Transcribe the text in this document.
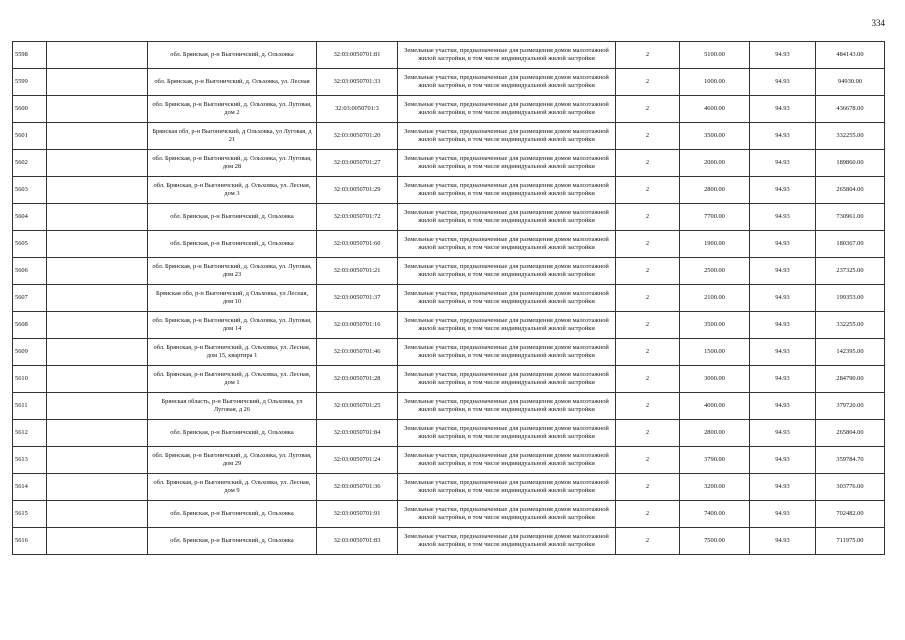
334
5598		обл. Брянская, р-н Выгоничский, д. Ольховка	32:03:0050701:81	Земельные участки, предназначенные для размещения домов малоэтажной жилой застройки, в том числе индивидуальной жилой застройки	2	5100.00	94.93	484143.00
5599		обл. Брянская, р-н Выгоничский, д. Ольховка, ул. Лесная	32:03:0050701:33	Земельные участки, предназначенные для размещения домов малоэтажной жилой застройки, в том числе индивидуальной жилой застройки	2	1000.00	94.93	94930.00
5600		обл. Брянская, р-н Выгоничский, д. Ольховка, ул. Луговая, дом 2	32:03:0050701:3	Земельные участки, предназначенные для размещения домов малоэтажной жилой застройки, в том числе индивидуальной жилой застройки	2	4600.00	94.93	436678.00
5601		Брянская обл, р-н Выгоничский, д Ольховка, ул Луговая, д 21	32:03:0050701:20	Земельные участки, предназначенные для размещения домов малоэтажной жилой застройки, в том числе индивидуальной жилой застройки	2	3500.00	94.93	332255.00
5602		обл. Брянская, р-н Выгоничский, д. Ольховка, ул. Луговая, дом 28	32:03:0050701:27	Земельные участки, предназначенные для размещения домов малоэтажной жилой застройки, в том числе индивидуальной жилой застройки	2	2000.00	94.93	189860.00
5603		обл. Брянская, р-н Выгоничский, д. Ольховка, ул. Лесная, дом 3	32:03:0050701:29	Земельные участки, предназначенные для размещения домов малоэтажной жилой застройки, в том числе индивидуальной жилой застройки	2	2800.00	94.93	265804.00
5604		обл. Брянская, р-н Выгоничский, д. Ольховка	32:03:0050701:72	Земельные участки, предназначенные для размещения домов малоэтажной жилой застройки, в том числе индивидуальной жилой застройки	2	7700.00	94.93	730961.00
5605		обл. Брянская, р-н Выгоничский, д. Ольховка	32:03:0050701:60	Земельные участки, предназначенные для размещения домов малоэтажной жилой застройки, в том числе индивидуальной жилой застройки	2	1900.00	94.93	180367.00
5606		обл. Брянская, р-н Выгоничский, д. Ольховка, ул. Луговая, дом 23	32:03:0050701:21	Земельные участки, предназначенные для размещения домов малоэтажной жилой застройки, в том числе индивидуальной жилой застройки	2	2500.00	94.93	237325.00
5607		Брянская обл, р-н Выгоничский, д Ольховка, ул Лесная, дом 10	32:03:0050701:37	Земельные участки, предназначенные для размещения домов малоэтажной жилой застройки, в том числе индивидуальной жилой застройки	2	2100.00	94.93	199353.00
5608		обл. Брянская, р-н Выгоничский, д. Ольховка, ул. Луговая, дом 14	32:03:0050701:16	Земельные участки, предназначенные для размещения домов малоэтажной жилой застройки, в том числе индивидуальной жилой застройки	2	3500.00	94.93	332255.00
5609		обл. Брянская, р-н Выгоничский, д. Ольховка, ул. Лесная, дом 15, квартира 1	32:03:0050701:46	Земельные участки, предназначенные для размещения домов малоэтажной жилой застройки, в том числе индивидуальной жилой застройки	2	1500.00	94.93	142395.00
5610		обл. Брянская, р-н Выгоничский, д. Ольховка, ул. Лесная, дом 1	32:03:0050701:28	Земельные участки, предназначенные для размещения домов малоэтажной жилой застройки, в том числе индивидуальной жилой застройки	2	3000.00	94.93	284790.00
5611		Брянская область, р-н Выгоничский, д Ольховка, ул Луговая, д 26	32:03:0050701:25	Земельные участки, предназначенные для размещения домов малоэтажной жилой застройки, в том числе индивидуальной жилой застройки	2	4000.00	94.93	379720.00
5612		обл. Брянская, р-н Выгоничский, д. Ольховка	32:03:0050701:84	Земельные участки, предназначенные для размещения домов малоэтажной жилой застройки, в том числе индивидуальной жилой застройки	2	2800.00	94.93	265804.00
5613		обл. Брянская, р-н Выгоничский, д. Ольховка, ул. Луговая, дом 29	32:03:0050701:24	Земельные участки, предназначенные для размещения домов малоэтажной жилой застройки, в том числе индивидуальной жилой застройки	2	3790.00	94.93	359784.70
5614		обл. Брянская, р-н Выгоничский, д. Ольховка, ул. Лесная, дом 9	32:03:0050701:36	Земельные участки, предназначенные для размещения домов малоэтажной жилой застройки, в том числе индивидуальной жилой застройки	2	3200.00	94.93	303776.00
5615		обл. Брянская, р-н Выгоничский, д. Ольховка	32:03:0050701:91	Земельные участки, предназначенные для размещения домов малоэтажной жилой застройки, в том числе индивидуальной жилой застройки	2	7400.00	94.93	702482.00
5616		обл. Брянская, р-н Выгоничский, д. Ольховка	32:03:0050701:83	Земельные участки, предназначенные для размещения домов малоэтажной жилой застройки, в том числе индивидуальной жилой застройки	2	7500.00	94.93	711975.00
